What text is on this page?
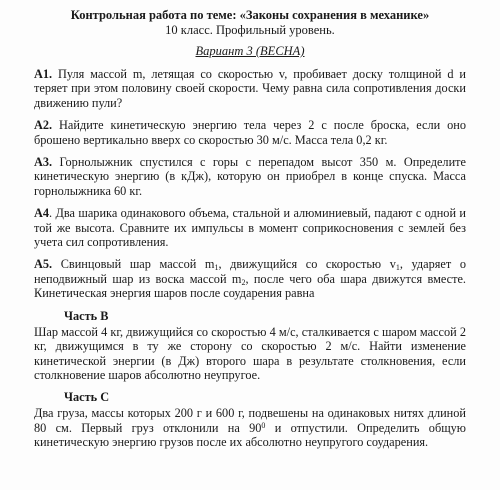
Контрольная работа по теме: «Законы сохранения в механике»
10 класс. Профильный уровень.
Вариант 3 (ВЕСНА)

А1. Пуля массой m, летящая со скоростью v, пробивает доску толщиной d и теряет при этом половину своей скорости. Чему равна сила сопротивления доски движению пули?

А2. Найдите кинетическую энергию тела через 2 с после броска, если оно брошено вертикально вверх со скоростью 30 м/с. Масса тела 0,2 кг.

А3. Горнолыжник спустился с горы с перепадом высот 350 м. Определите кинетическую энергию (в кДж), которую он приобрел в конце спуска. Масса горнолыжника 60 кг.

А4. Два шарика одинакового объема, стальной и алюминиевый, падают с одной и той же высота. Сравните их импульсы в момент соприкосновения с землей без учета сил сопротивления.

А5. Свинцовый шар массой $m_1$, движущийся со скоростью $v_1$, ударяет о неподвижный шар из воска массой $m_2$, после чего оба шара движутся вместе. Кинетическая энергия шаров после соударения равна

Часть В

Шар массой 4 кг, движущийся со скоростью 4 м/с, сталкивается с шаром массой 2 кг, движущимся в ту же сторону со скоростью 2 м/с. Найти изменение кинетической энергии (в Дж) второго шара в результате столкновения, если столкновение шаров абсолютно неупругое.

Часть С

Два груза, массы которых 200 г и 600 г, подвешены на одинаковых нитях длиной 80 см. Первый груз отклонили на $90^0$ и отпустили. Определить общую кинетическую энергию грузов после их абсолютно неупругого соударения.
